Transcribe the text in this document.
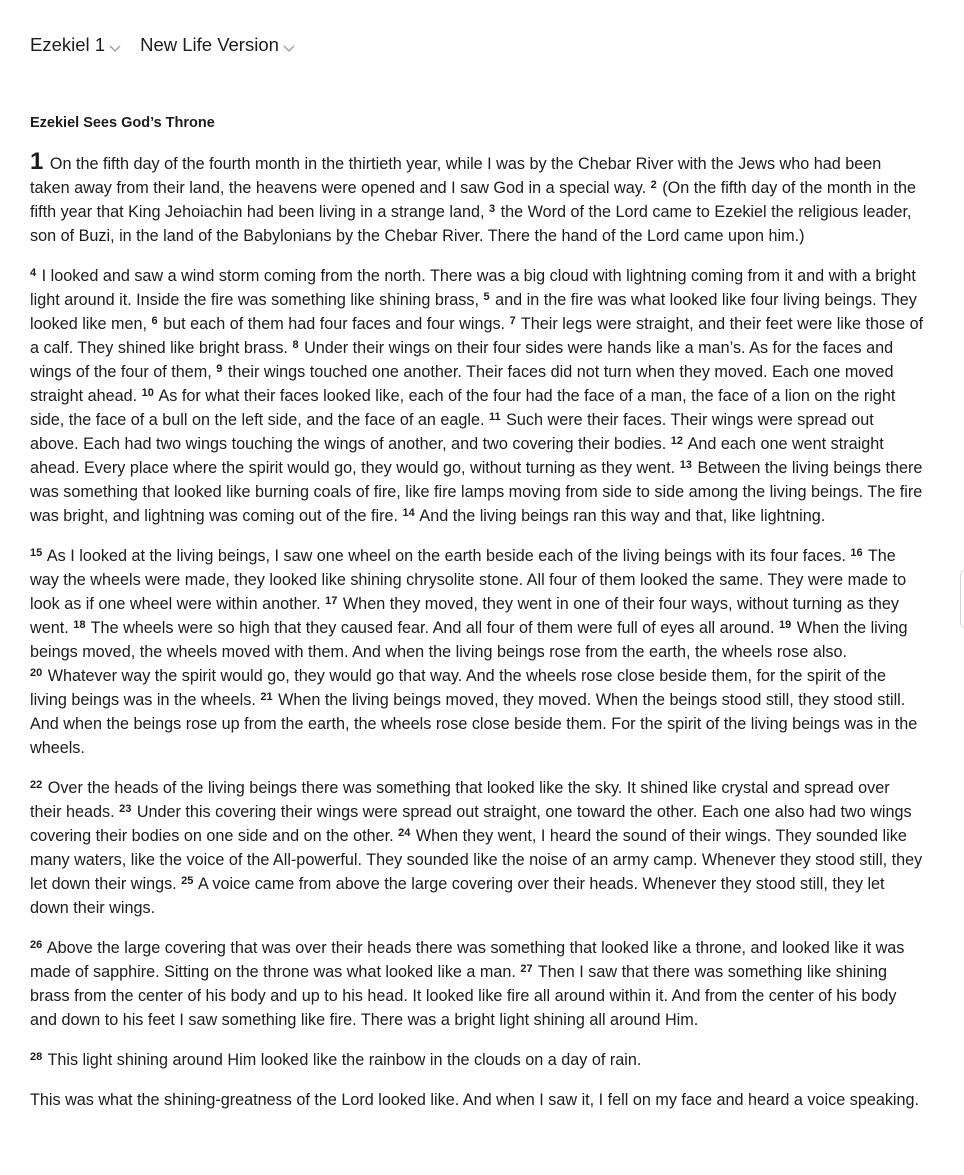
Ezekiel 1 New Life Version
Ezekiel Sees God’s Throne

1 On the fifth day of the fourth month in the thirtieth year, while I was by the Chebar River with the Jews who had been taken away from their land, the heavens were opened and I saw God in a special way. $^2$ (On the fifth day of the month in the fifth year that King Jehoiachin had been living in a strange land, $^3$ the Word of the Lord came to Ezekiel the religious leader, son of Buzi, in the land of the Babylonians by the Chebar River. There the hand of the Lord came upon him.)

$^4$ I looked and saw a wind storm coming from the north. There was a big cloud with lightning coming from it and with a bright light around it. Inside the fire was something like shining brass, $^5$ and in the fire was what looked like four living beings. They looked like men, $^6$ but each of them had four faces and four wings. $^7$ Their legs were straight, and their feet were like those of a calf. They shined like bright brass. $^8$ Under their wings on their four sides were hands like a man’s. As for the faces and wings of the four of them, $^9$ their wings touched one another. Their faces did not turn when they moved. Each one moved straight ahead. $^{10}$ As for what their faces looked like, each of the four had the face of a man, the face of a lion on the right side, the face of a bull on the left side, and the face of an eagle. $^{11}$ Such were their faces. Their wings were spread out above. Each had two wings touching the wings of another, and two covering their bodies. $^{12}$ And each one went straight ahead. Every place where the spirit would go, they would go, without turning as they went. $^{13}$ Between the living beings there was something that looked like burning coals of fire, like fire lamps moving from side to side among the living beings. The fire was bright, and lightning was coming out of the fire. $^{14}$ And the living beings ran this way and that, like lightning.

$^{15}$ As I looked at the living beings, I saw one wheel on the earth beside each of the living beings with its four faces. $^{16}$ The way the wheels were made, they looked like shining chrysolite stone. All four of them looked the same. They were made to look as if one wheel were within another. $^{17}$ When they moved, they went in one of their four ways, without turning as they went. $^{18}$ The wheels were so high that they caused fear. And all four of them were full of eyes all around. $^{19}$ When the living beings moved, the wheels moved with them. And when the living beings rose from the earth, the wheels rose also.
$^{20}$ Whatever way the spirit would go, they would go that way. And the wheels rose close beside them, for the spirit of the living beings was in the wheels. $^{21}$ When the living beings moved, they moved. When the beings stood still, they stood still. And when the beings rose up from the earth, the wheels rose close beside them. For the spirit of the living beings was in the wheels.

$^{22}$ Over the heads of the living beings there was something that looked like the sky. It shined like crystal and spread over their heads. $^{23}$ Under this covering their wings were spread out straight, one toward the other. Each one also had two wings covering their bodies on one side and on the other. $^{24}$ When they went, I heard the sound of their wings. They sounded like many waters, like the voice of the All-powerful. They sounded like the noise of an army camp. Whenever they stood still, they let down their wings. $^{25}$ A voice came from above the large covering over their heads. Whenever they stood still, they let down their wings.

$^{26}$ Above the large covering that was over their heads there was something that looked like a throne, and looked like it was made of sapphire. Sitting on the throne was what looked like a man. $^{27}$ Then I saw that there was something like shining brass from the center of his body and up to his head. It looked like fire all around within it. And from the center of his body and down to his feet I saw something like fire. There was a bright light shining all around Him.

$^{28}$ This light shining around Him looked like the rainbow in the clouds on a day of rain.

This was what the shining-greatness of the Lord looked like. And when I saw it, I fell on my face and heard a voice speaking.
